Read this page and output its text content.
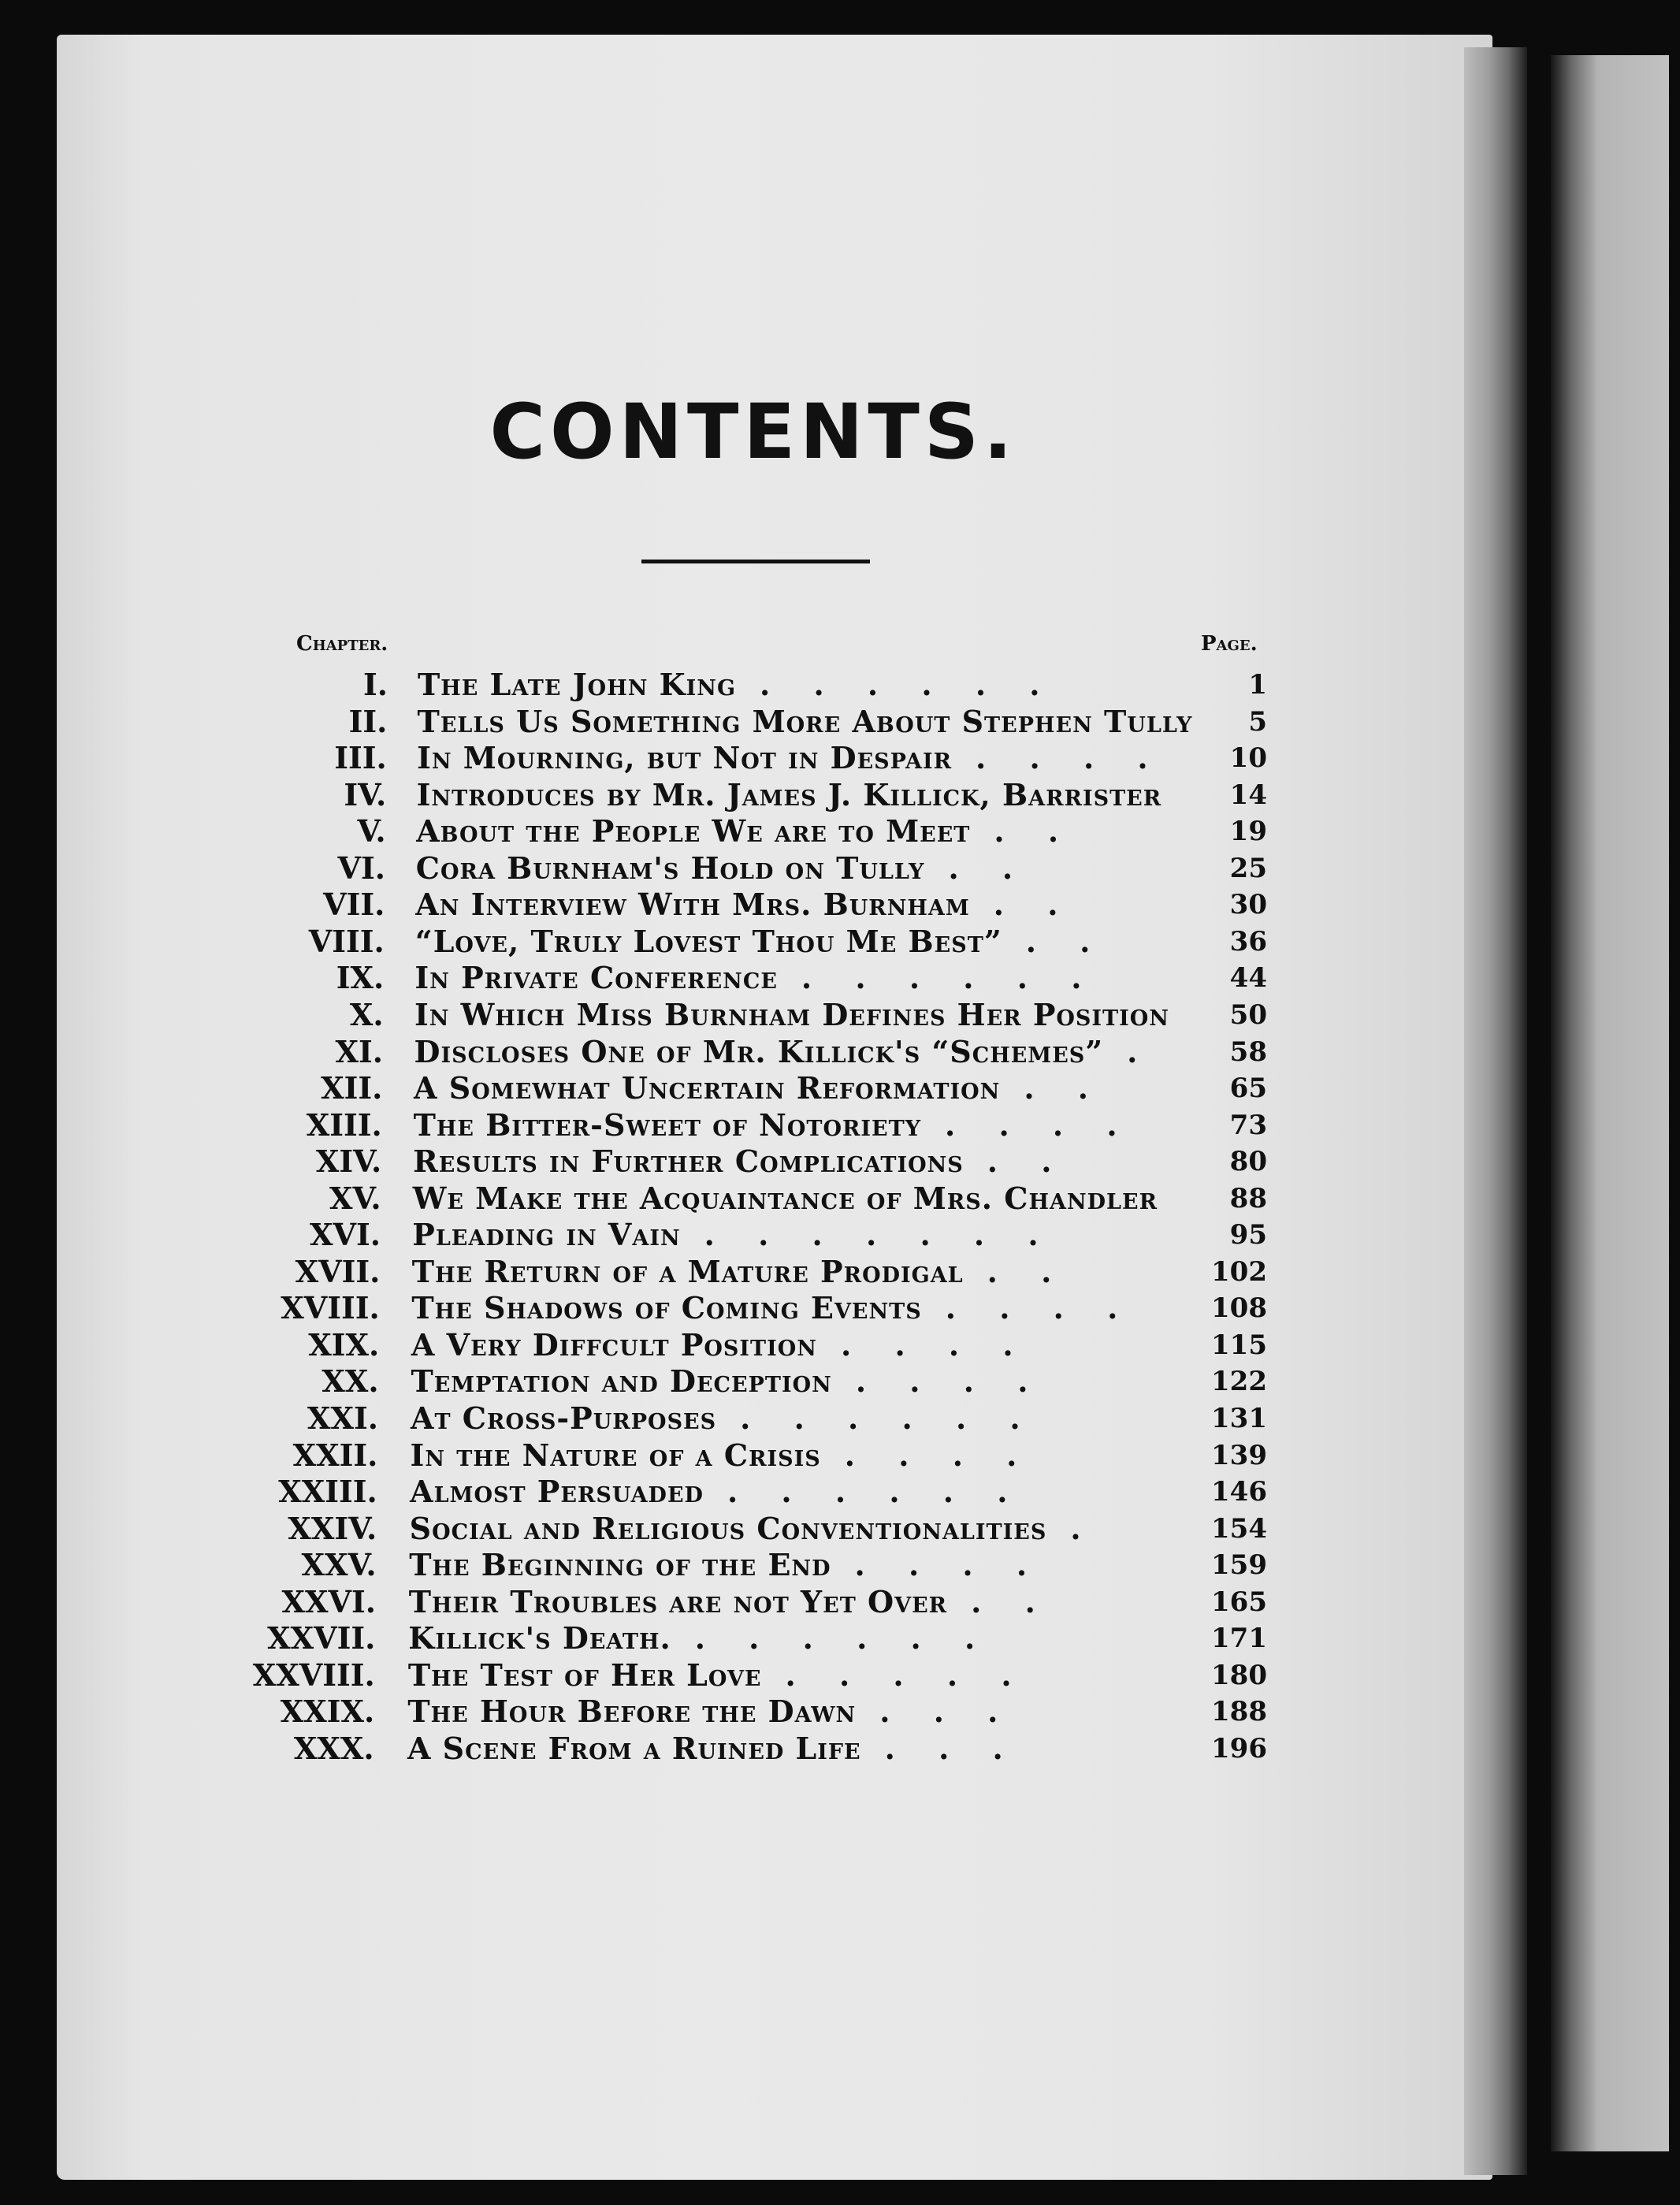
CONTENTS.
Chapter.	Page.
I. The Late John King	1
. . . . . .
II. Tells Us Something More About Stephen Tully	5
III. In Mourning, but Not in Despair	10
. . . .
IV. Introduces by Mr. James J. Killick, Barrister	14
V. About the People We are to Meet	19
. .
VI. Cora Burnham's Hold on Tully	25
. .
VII. An Interview With Mrs. Burnham	30
. .
VIII. “Love, Truly Lovest Thou Me Best”	36
. .
IX. In Private Conference	44
. . . . . .
X. In Which Miss Burnham Defines Her Position	50
XI. Discloses One of Mr. Killick's “Schemes”	58
.
XII. A Somewhat Uncertain Reformation	65
. .
XIII. The Bitter-Sweet of Notoriety	73
. . . .
XIV. Results in Further Complications	80
. .
XV. We Make the Acquaintance of Mrs. Chandler	88
XVI. Pleading in Vain	95
. . . . . . .
XVII. The Return of a Mature Prodigal	102
. .
XVIII. The Shadows of Coming Events	108
. . . .
XIX. A Very Diffcult Position	115
. . . .
XX. Temptation and Deception	122
. . . .
XXI. At Cross-Purposes	131
. . . . . .
XXII. In the Nature of a Crisis	139
. . . .
XXIII. Almost Persuaded	146
. . . . . .
XXIV. Social and Religious Conventionalities	154
.
XXV. The Beginning of the End	159
. . . .
XXVI. Their Troubles are not Yet Over	165
. .
XXVII. Killick's Death.	171
. . . . . .
XXVIII. The Test of Her Love	180
. . . . .
XXIX. The Hour Before the Dawn	188
. . .
XXX. A Scene From a Ruined Life	196
. . .
